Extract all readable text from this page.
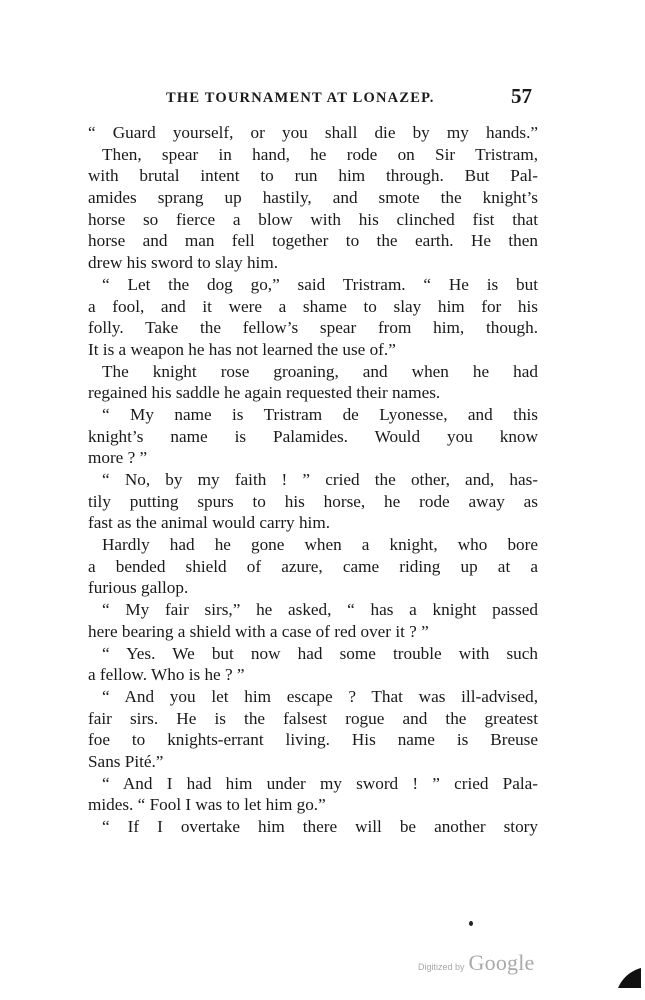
THE TOURNAMENT AT LONAZEP.	57
“ Guard yourself, or you shall die by my hands.”
Then, spear in hand, he rode on Sir Tristram,
with brutal intent to run him through. But Pal-
amides sprang up hastily, and smote the knight’s
horse so fierce a blow with his clinched fist that
horse and man fell together to the earth. He then
drew his sword to slay him.
“ Let the dog go,” said Tristram. “ He is but
a fool, and it were a shame to slay him for his
folly. Take the fellow’s spear from him, though.
It is a weapon he has not learned the use of.”
The knight rose groaning, and when he had
regained his saddle he again requested their names.
“ My name is Tristram de Lyonesse, and this
knight’s name is Palamides. Would you know
more ? ”
“ No, by my faith ! ” cried the other, and, has-
tily putting spurs to his horse, he rode away as
fast as the animal would carry him.
Hardly had he gone when a knight, who bore
a bended shield of azure, came riding up at a
furious gallop.
“ My fair sirs,” he asked, “ has a knight passed
here bearing a shield with a case of red over it ? ”
“ Yes. We but now had some trouble with such
a fellow. Who is he ? ”
“ And you let him escape ? That was ill-advised,
fair sirs. He is the falsest rogue and the greatest
foe to knights-errant living. His name is Breuse
Sans Pité.”
“ And I had him under my sword ! ” cried Pala-
mides. “ Fool I was to let him go.”
“ If I overtake him there will be another story
Digitized by Google
